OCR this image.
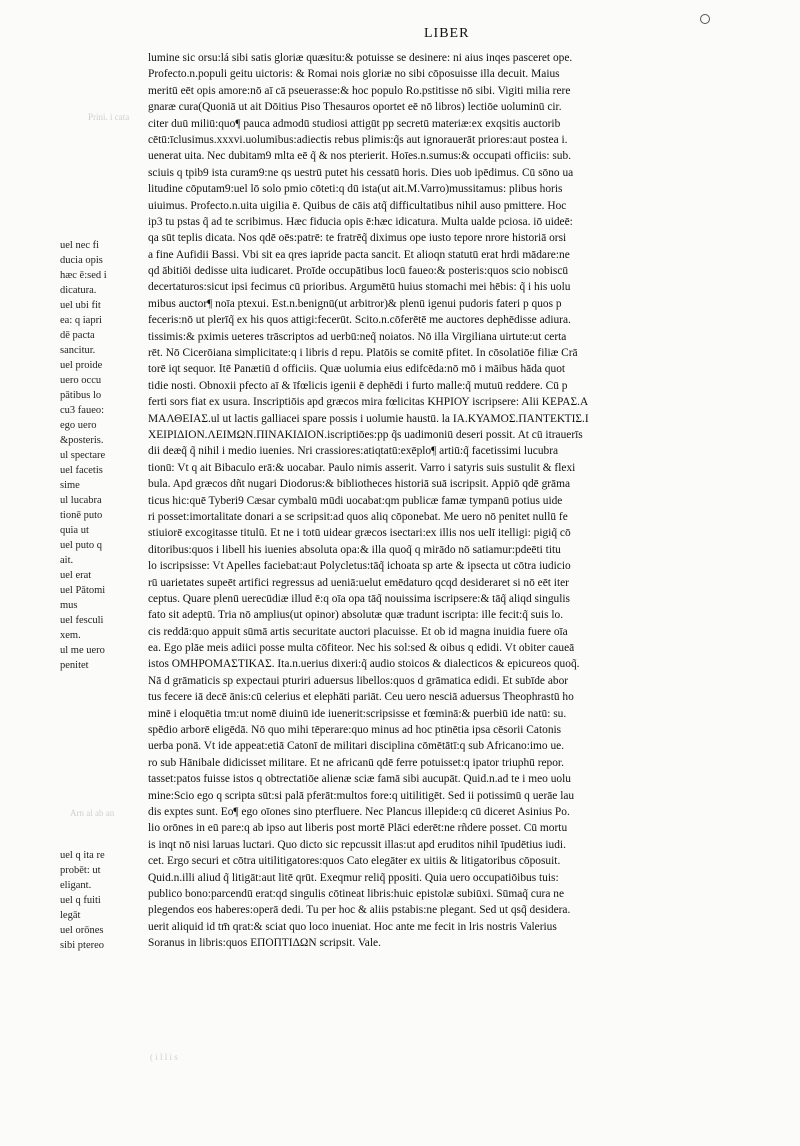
LIBER
Prini. i cata
uel nec fi
ducia opis
hæc ē:sed i
dicatura.
uel ubi fit
ea: q iapri
dē pacta
sancitur.
uel proide
uero occu
pātibus lo
cu3 faueo:
ego uero
&posteris.
ul spectare
uel facetis
sime
ul lucabra
tionē puto
quia ut
uel puto q
ait.
uel erat
uel Pātomi
mus
uel fesculi
xem.
ul me uero
penitet
Arn al ab an
uel q ita re
probēt: ut
eligant.
uel q fuiti
legāt
uel orōnes
sibi ptereo
( i l l i s
lumine sic orsu:lá sibi satis gloriæ quæsitu:& potuisse se desinere: ni aius inqes pasceret ope.
Profecto.n.populi geitu uictoris: & Romai nois gloriæ no sibi cōposuisse illa decuit. Maius
meritū eēt opis amore:nō aī cā pseuerasse:& hoc populo Ro.pstitisse nō sibi. Vigiti milia rere
gnaræ cura(Quoniā ut ait Dōitius Piso Thesauros oportet eē nō libros) lectiōe uoluminū cir.
citer duū miliū:quo¶ pauca admodū studiosi attigūt pp secretū materiæ:ex exqsitis auctorib
cētū:īclusimus.xxxvi.uolumibus:adiectis rebus plimis:q̃s aut ignorauerāt priores:aut postea i.
uenerat uita. Nec dubitam9 mlta eē q̃ & nos pterierit. Hoīes.n.sumus:& occupati officiis: sub.
sciuis q tpib9 ista curam9:ne qs uestrū putet his cessatū horis. Dies uob ipēdimus. Cū sōno ua
litudine cōputam9:uel lō solo pmio cōteti:q dū ista(ut ait.M.Varro)mussitamus: plibus horis
uiuimus. Profecto.n.uita uigilia ē. Quibus de cāis atq̃ difficultatibus nihil auso pmittere. Hoc
ip3 tu pstas q̃ ad te scribimus. Hæc fiducia opis ē:hæc idicatura. Multa ualde pciosa. iō uideē:
qa sūt teplis dicata. Nos qdē oēs:patrē: te fratrēq̃ diximus ope iusto tepore nrore historiā orsi
a fine Aufidii Bassi. Vbi sit ea qres iapride pacta sancit. Et alioqn statutū erat hrdi mādare:ne
qd ābitiōi dedisse uita iudicaret. Proīde occupātibus locū faueo:& posteris:quos scio nobiscū
decertaturos:sicut ipsi fecimus cū prioribus. Argumētū huius stomachi mei hēbis: q̃ i his uolu
mibus auctor¶ noīa ptexui. Est.n.benignū(ut arbitror)& plenū igenui pudoris fateri p quos p
feceris:nō ut plerīq̃ ex his quos attigi:fecerūt. Scito.n.cōferētē me auctores dephēdisse adiura.
tissimis:& pximis ueteres trāscriptos ad uerbū:neq̃ noiatos. Nō illa Virgiliana uirtute:ut certa
rēt. Nō Cicerōiana simplicitate:q i libris d repu. Platōis se comitē pfitet. In cōsolatiōe filiæ Crā
torē iqt sequor. Itē Panætiū d officiis. Quæ uolumia eius edifcēda:nō mō i māibus hāda quot
tidie nosti. Obnoxii pfecto aī & īfœlicis igenii ē dephēdi i furto malle:q̃ mutuū reddere. Cū p
ferti sors fiat ex usura. Inscriptiōis apd græcos mira fœlicitas ΚΗΡΙΟΥ iscripsere: Alii ΚΕΡΑΣ.Α
ΜΑΛΘΕΙΑΣ.ul ut lactis galliacei spare possis i uolumie haustū. la IA.ΚΥΑΜΟΣ.ΠΑΝΤΕΚΤΙΣ.Ι
ΧΕΙΡΙΔΙΟΝ.ΛΕΙΜΩΝ.ΠΙΝΑΚΙΔΙΟΝ.iscriptiōes:pp q̃s uadimoniū deseri possit. At cū itrauerīs
dii deæq̃ q̃ nihil i medio iuenies. Nri crassiores:atiqtatū:exēplo¶ artiū:q̃ facetissimi lucubra
tionū: Vt q ait Bibaculo erā:& uocabar. Paulo nimis asserit. Varro i satyris suis sustulit & flexi
bula. Apd græcos dñt nugari Diodorus:& bibliotheces historiā suā iscripsit. Appiō qdē grāma
ticus hic:quē Tyberi9 Cæsar cymbalū mūdi uocabat:qm publicæ famæ tympanū potius uide
ri posset:imortalitate donari a se scripsit:ad quos aliq cōponebat. Me uero nō penitet nullū fe
stiuiorē excogitasse titulū. Et ne i totū uidear græcos isectari:ex illis nos uelī itelligi: pigiq̃ cō
ditoribus:quos i libell his iuenies absoluta opa:& illa quoq̃ q mirādo nō satiamur:pdeēti titu
lo iscripsisse: Vt Apelles faciebat:aut Polycletus:tāq̃ ichoata sp arte & ipsecta ut cōtra iudicio
rū uarietates supeēt artifici regressus ad ueniā:uelut emēdaturo qcqd desideraret si nō eēt iter
ceptus. Quare plenū uerecūdiæ illud ē:q oīa opa tāq̃ nouissima iscripsere:& tāq̃ aliqd singulis
fato sit adeptū. Tria nō amplius(ut opinor) absolutæ quæ tradunt iscripta: ille fecit:q̃ suis lo.
cis reddā:quo appuit sūmā artis securitate auctori placuisse. Et ob id magna inuidia fuere oīa
ea. Ego plāe meis adiici posse multa cōfiteor. Nec his sol:sed & oibus q edidi. Vt obiter caueā
istos ΟΜΗΡΟΜΑΣΤΙΚΑΣ. Ita.n.uerius dixeri:q̃ audio stoicos & dialecticos & epicureos quoq̃.
Nā d grāmaticis sp expectaui pturiri aduersus libellos:quos d grāmatica edidi. Et subīde abor
tus fecere iā decē ānis:cū celerius et elephāti pariāt. Ceu uero nesciā aduersus Theophrastū ho
minē i eloquētia tm:ut nomē diuinū ide iuenerit:scripsisse et fœminā:& puerbiū ide natū: su.
spēdio arborē eligēdā. Nō quo mihi tēperare:quo minus ad hoc ptinētia ipsa cēsorii Catonis
uerba ponā. Vt ide appeat:etiā Catonī de militari disciplina cōmētātī:q sub Africano:imo ue.
ro sub Hānibale didicisset militare. Et ne africanū qdē ferre potuisset:q ipator triuphū repor.
tasset:patos fuisse istos q obtrectatiōe alienæ sciæ famā sibi aucupāt. Quid.n.ad te i meo uolu
mine:Scio ego q scripta sūt:si palā pferāt:multos fore:q uitilitigēt. Sed ii potissimū q uerāe lau
dis exptes sunt. Eo¶ ego oīones sino pterfluere. Nec Plancus illepide:q cū diceret Asinius Po.
lio orōnes in eū pare:q ab ipso aut liberis post mortē Plāci ederēt:ne rñdere posset. Cū mortu
is inqt nō nisi laruas luctari. Quo dicto sic repcussit illas:ut apd eruditos nihil īpudētius iudi.
cet. Ergo securi et cōtra uitilitigatores:quos Cato elegāter ex uitiis & litigatoribus cōposuit.
Quid.n.illi aliud q̃ litigāt:aut litē qrūt. Exeqmur reliq̃ ppositi. Quia uero occupatiōibus tuis:
publico bono:parcendū erat:qd singulis cōtineat libris:huic epistolæ subiūxi. Sūmaq̃ cura ne
plegendos eos haberes:operā dedi. Tu per hoc & aliis pstabis:ne plegant. Sed ut qsq̃ desidera.
uerit aliquid id tm̄ qrat:& sciat quo loco inueniat. Hoc ante me fecit in lris nostris Valerius
Soranus in libris:quos ΕΠΟΠΤΙΔΩΝ scripsit. Vale.
